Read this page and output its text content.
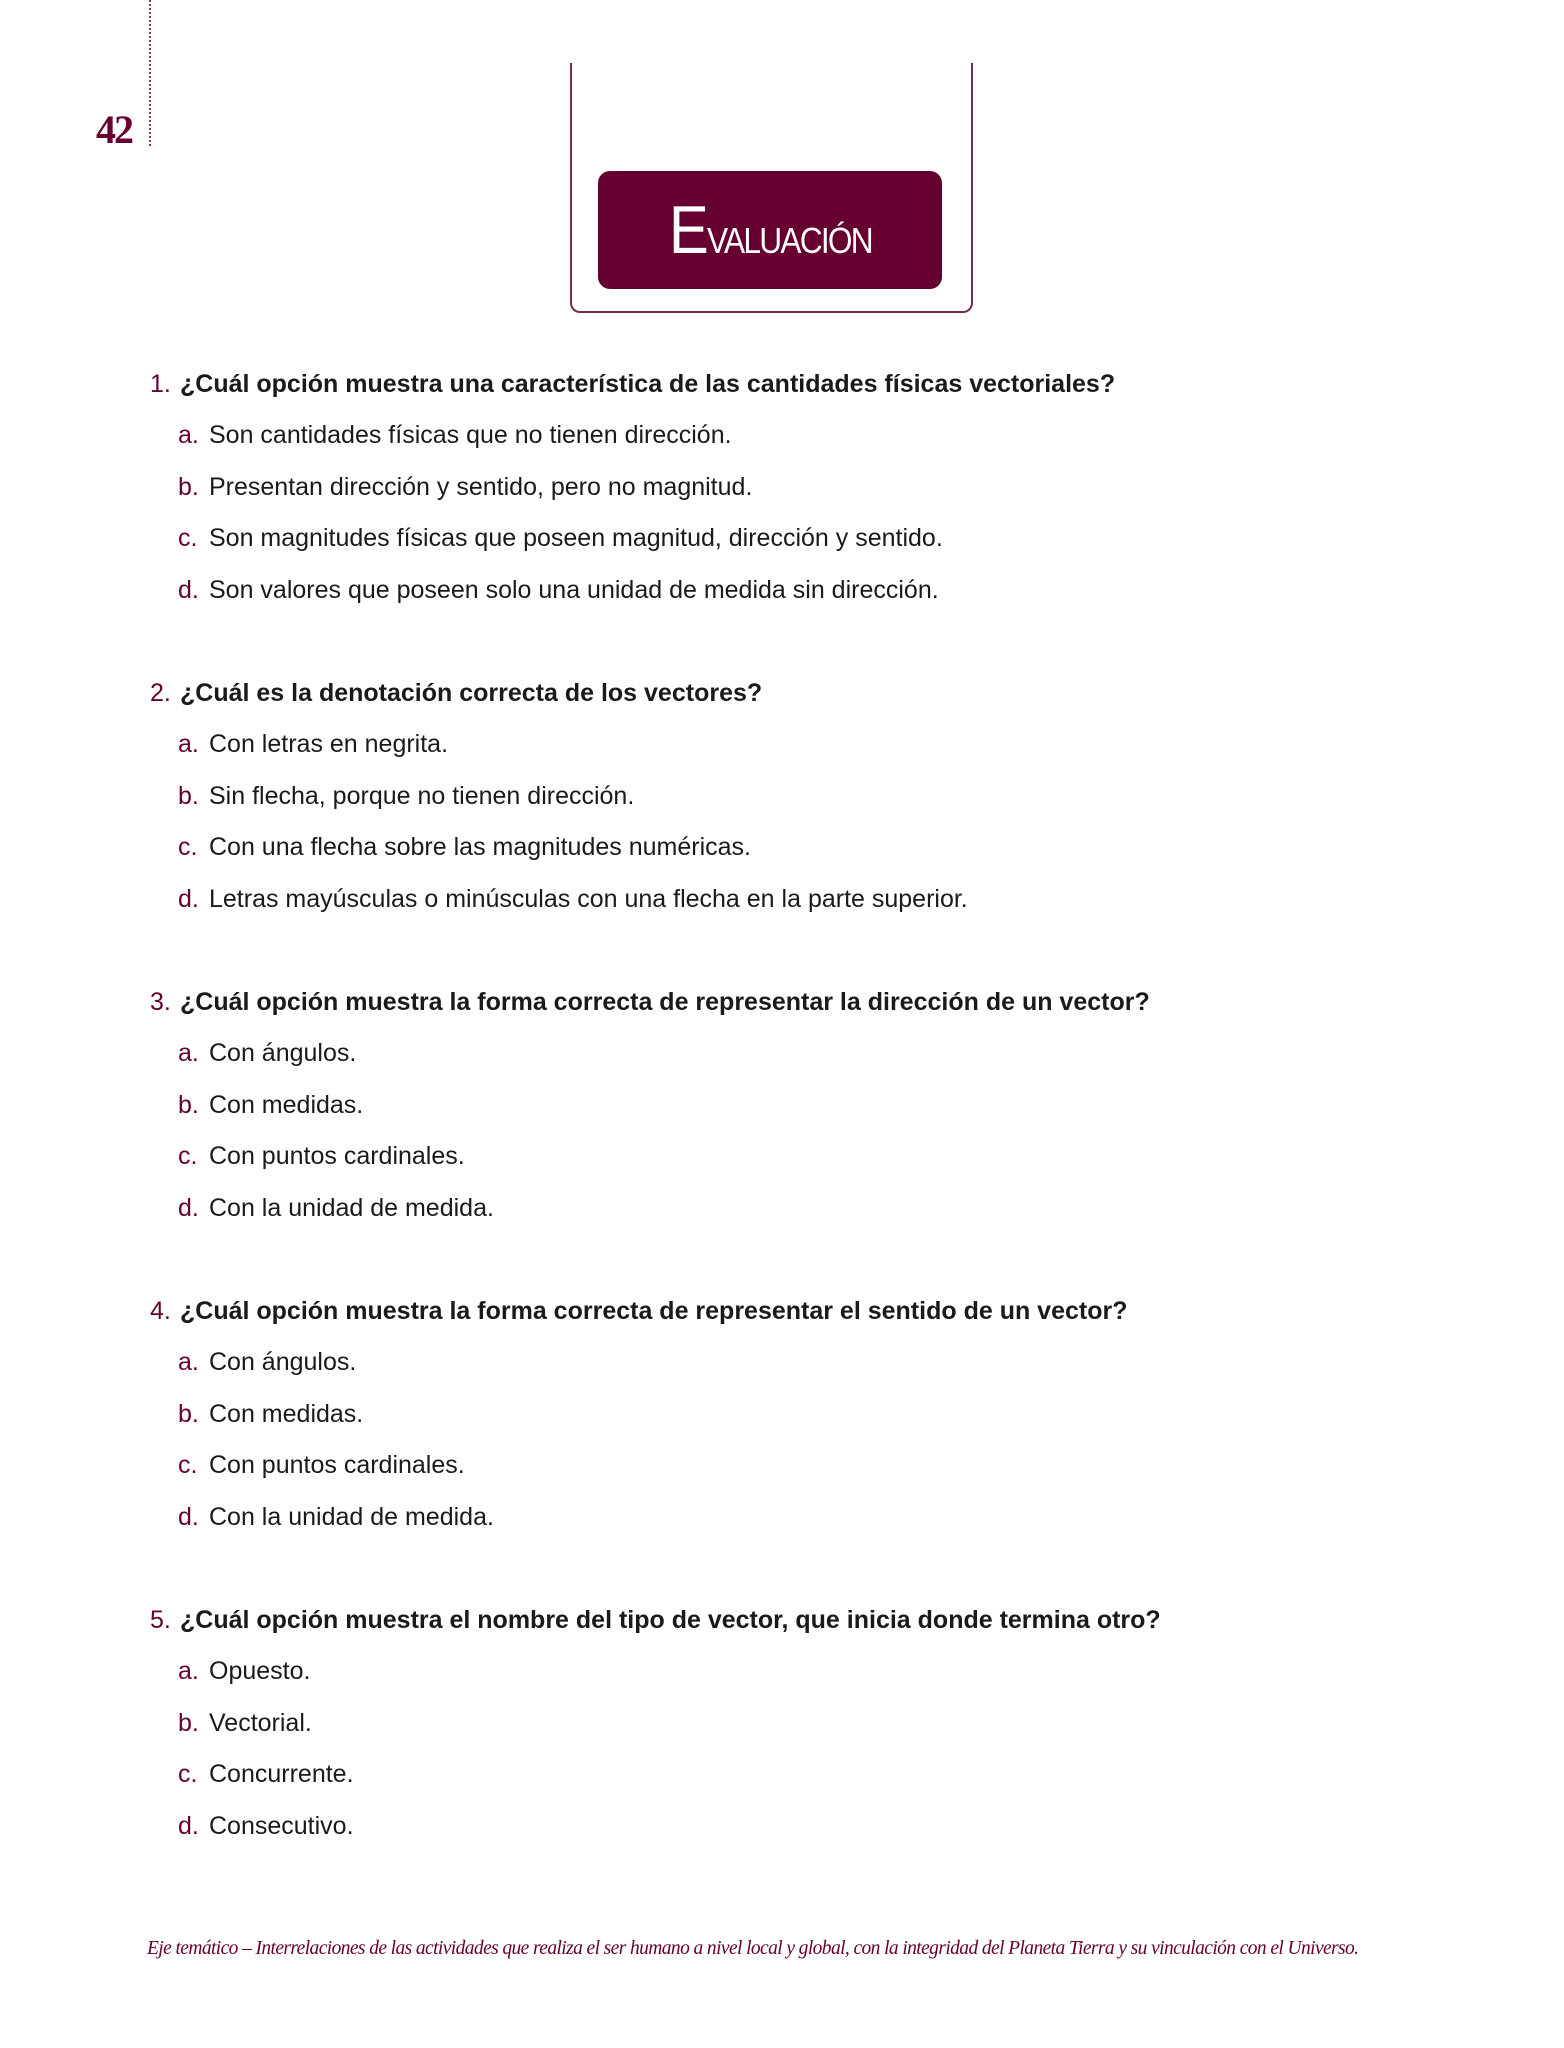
42
Evaluación
1. ¿Cuál opción muestra una característica de las cantidades físicas vectoriales?
a. Son cantidades físicas que no tienen dirección.
b. Presentan dirección y sentido, pero no magnitud.
c. Son magnitudes físicas que poseen magnitud, dirección y sentido.
d. Son valores que poseen solo una unidad de medida sin dirección.
2. ¿Cuál es la denotación correcta de los vectores?
a. Con letras en negrita.
b. Sin flecha, porque no tienen dirección.
c. Con una flecha sobre las magnitudes numéricas.
d. Letras mayúsculas o minúsculas con una flecha en la parte superior.
3. ¿Cuál opción muestra la forma correcta de representar la dirección de un vector?
a. Con ángulos.
b. Con medidas.
c. Con puntos cardinales.
d. Con la unidad de medida.
4. ¿Cuál opción muestra la forma correcta de representar el sentido de un vector?
a. Con ángulos.
b. Con medidas.
c. Con puntos cardinales.
d. Con la unidad de medida.
5. ¿Cuál opción muestra el nombre del tipo de vector, que inicia donde termina otro?
a. Opuesto.
b. Vectorial.
c. Concurrente.
d. Consecutivo.
Eje temático – Interrelaciones de las actividades que realiza el ser humano a nivel local y global, con la integridad del Planeta Tierra y su vinculación con el Universo.
